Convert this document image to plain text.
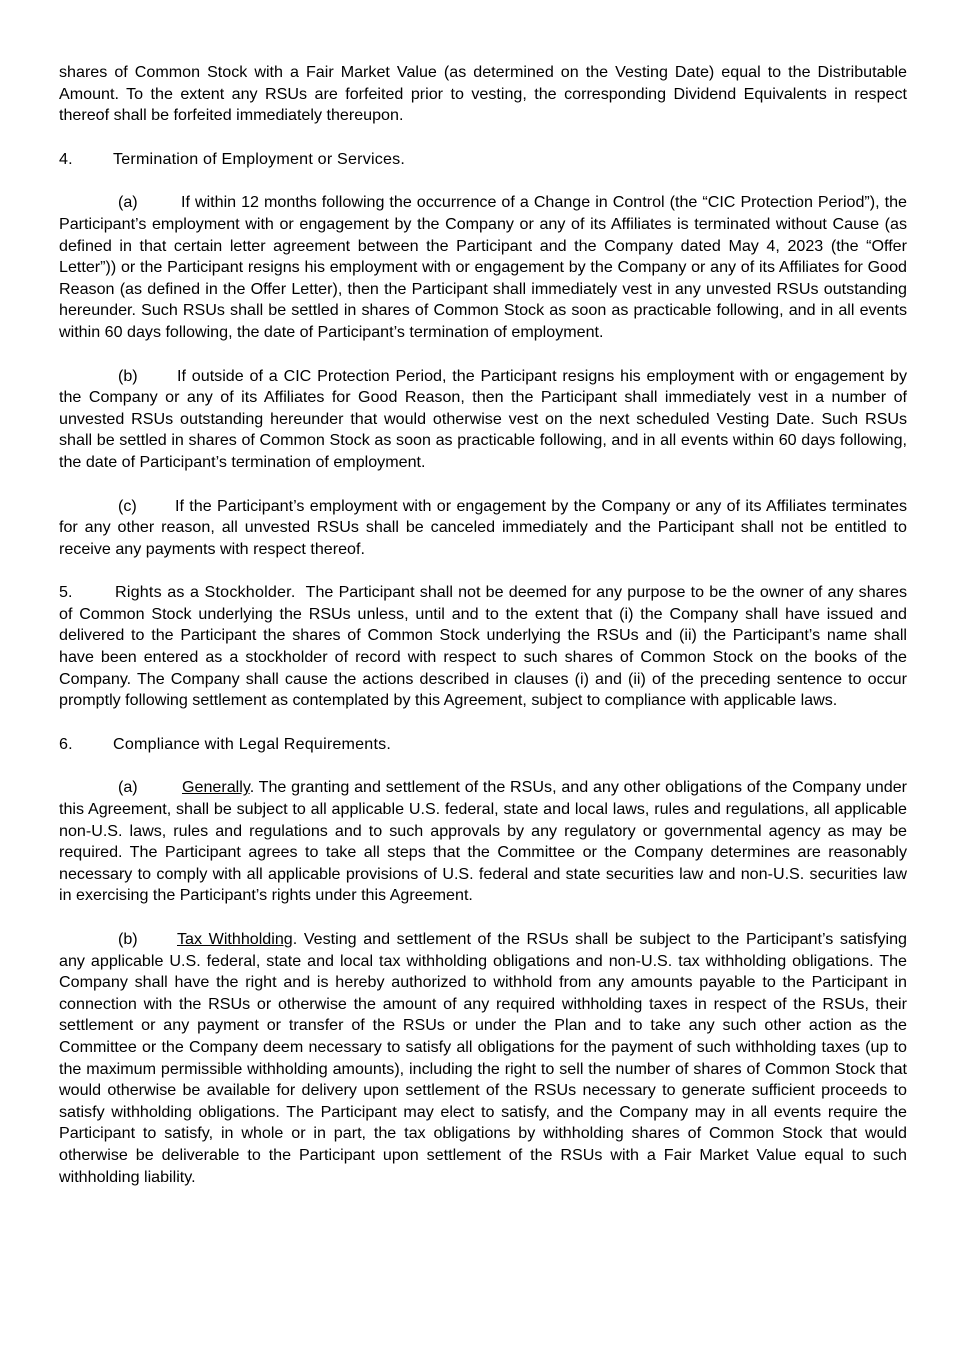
shares of Common Stock with a Fair Market Value (as determined on the Vesting Date) equal to the Distributable Amount. To the extent any RSUs are forfeited prior to vesting, the corresponding Dividend Equivalents in respect thereof shall be forfeited immediately thereupon.

4. Termination of Employment or Services.

(a)	If within 12 months following the occurrence of a Change in Control (the “CIC Protection Period”), the Participant’s employment with or engagement by the Company or any of its Affiliates is terminated without Cause (as defined in that certain letter agreement between the Participant and the Company dated May 4, 2023 (the “Offer Letter”)) or the Participant resigns his employment with or engagement by the Company or any of its Affiliates for Good Reason (as defined in the Offer Letter), then the Participant shall immediately vest in any unvested RSUs outstanding hereunder. Such RSUs shall be settled in shares of Common Stock as soon as practicable following, and in all events within 60 days following, the date of Participant’s termination of employment.

(b) If outside of a CIC Protection Period, the Participant resigns his employment with or engagement by the Company or any of its Affiliates for Good Reason, then the Participant shall immediately vest in a number of unvested RSUs outstanding hereunder that would otherwise vest on the next scheduled Vesting Date. Such RSUs shall be settled in shares of Common Stock as soon as practicable following, and in all events within 60 days following, the date of Participant’s termination of employment.

(c) If the Participant’s employment with or engagement by the Company or any of its Affiliates terminates for any other reason, all unvested RSUs shall be canceled immediately and the Participant shall not be entitled to receive any payments with respect thereof.

5.	Rights as a Stockholder. The Participant shall not be deemed for any purpose to be the owner of any shares of Common Stock underlying the RSUs unless, until and to the extent that (i) the Company shall have issued and delivered to the Participant the shares of Common Stock underlying the RSUs and (ii) the Participant’s name shall have been entered as a stockholder of record with respect to such shares of Common Stock on the books of the Company. The Company shall cause the actions described in clauses (i) and (ii) of the preceding sentence to occur promptly following settlement as contemplated by this Agreement, subject to compliance with applicable laws.

6. Compliance with Legal Requirements.

(a)	Generally. The granting and settlement of the RSUs, and any other obligations of the Company under this Agreement, shall be subject to all applicable U.S. federal, state and local laws, rules and regulations, all applicable non-U.S. laws, rules and regulations and to such approvals by any regulatory or governmental agency as may be required. The Participant agrees to take all steps that the Committee or the Company determines are reasonably necessary to comply with all applicable provisions of U.S. federal and state securities law and non-U.S. securities law in exercising the Participant’s rights under this Agreement.

(b) Tax Withholding. Vesting and settlement of the RSUs shall be subject to the Participant’s satisfying any applicable U.S. federal, state and local tax withholding obligations and non-U.S. tax withholding obligations. The Company shall have the right and is hereby authorized to withhold from any amounts payable to the Participant in connection with the RSUs or otherwise the amount of any required withholding taxes in respect of the RSUs, their settlement or any payment or transfer of the RSUs or under the Plan and to take any such other action as the Committee or the Company deem necessary to satisfy all obligations for the payment of such withholding taxes (up to the maximum permissible withholding amounts), including the right to sell the number of shares of Common Stock that would otherwise be available for delivery upon settlement of the RSUs necessary to generate sufficient proceeds to satisfy withholding obligations. The Participant may elect to satisfy, and the Company may in all events require the Participant to satisfy, in whole or in part, the tax obligations by withholding shares of Common Stock that would otherwise be deliverable to the Participant upon settlement of the RSUs with a Fair Market Value equal to such withholding liability.
